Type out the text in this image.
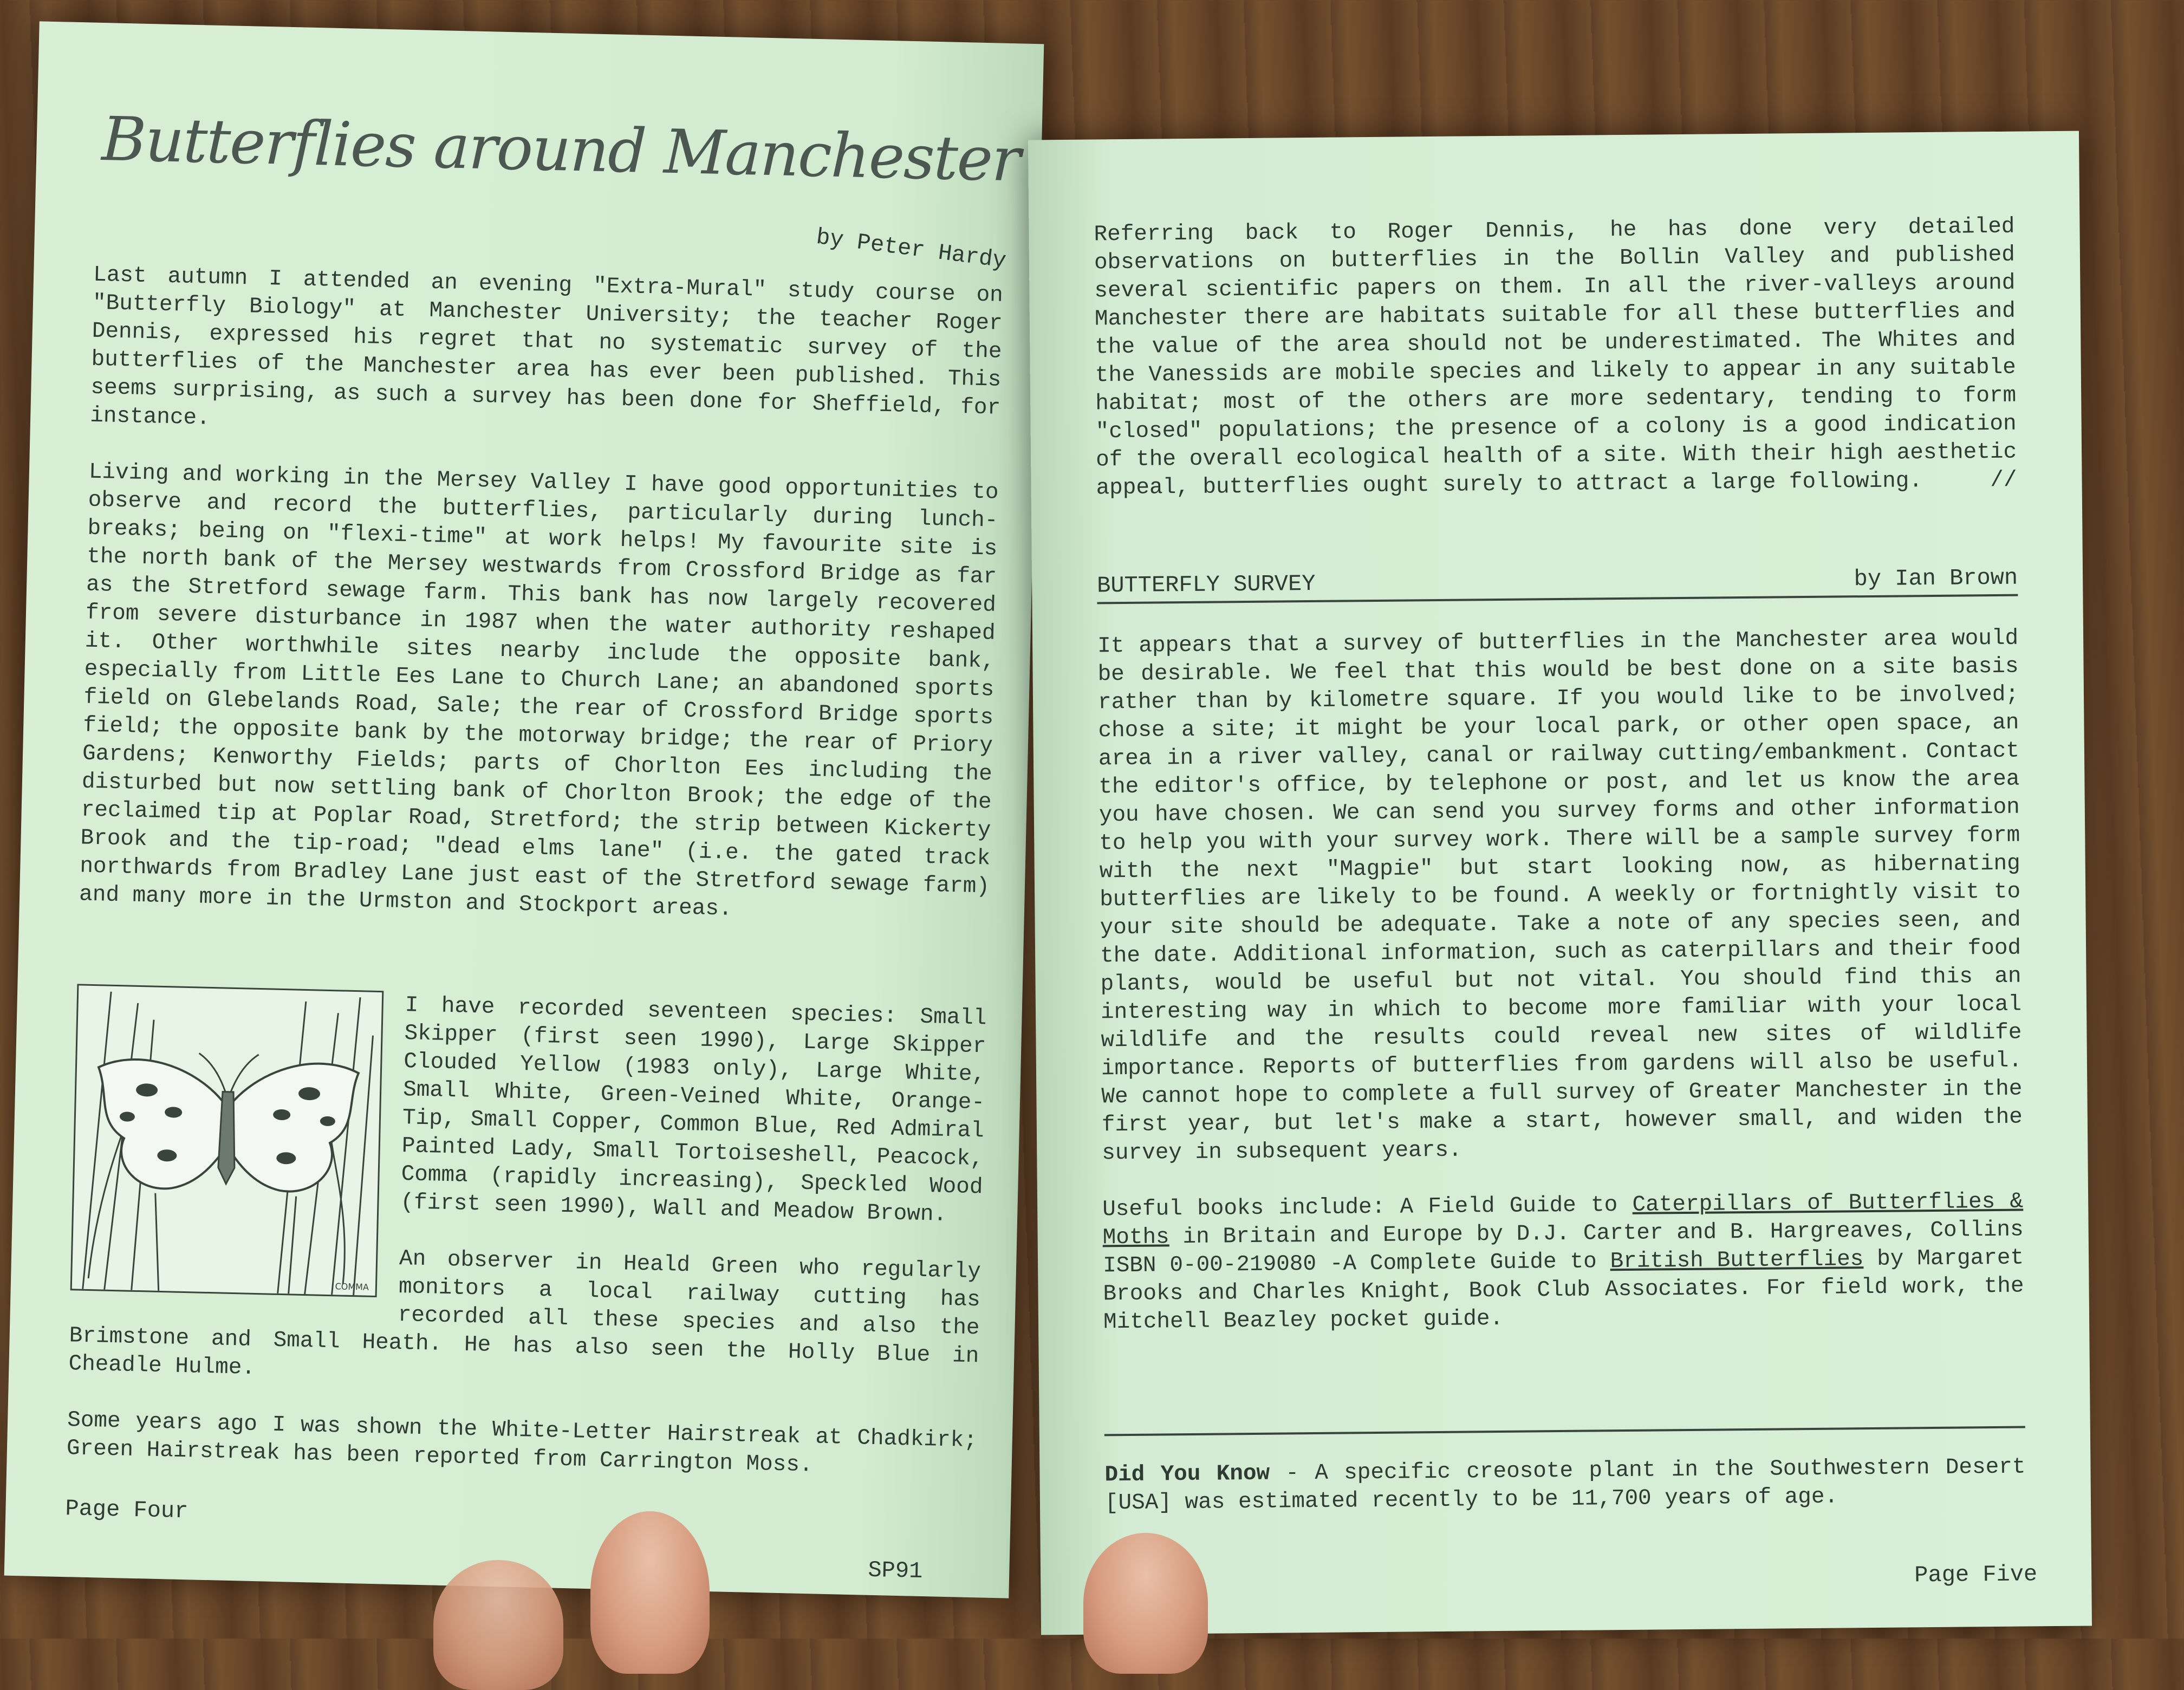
Butterflies around Manchester
by Peter Hardy

Last autumn I attended an evening "Extra-Mural" study course on "Butterfly Biology" at Manchester University; the teacher Roger Dennis, expressed his regret that no systematic survey of the butterflies of the Manchester area has ever been published. This seems surprising, as such a survey has been done for Sheffield, for instance.

Living and working in the Mersey Valley I have good opportunities to observe and record the butterflies, particularly during lunch-breaks; being on "flexi-time" at work helps! My favourite site is the north bank of the Mersey westwards from Crossford Bridge as far as the Stretford sewage farm. This bank has now largely recovered from severe disturbance in 1987 when the water authority reshaped it. Other worthwhile sites nearby include the opposite bank, especially from Little Ees Lane to Church Lane; an abandoned sports field on Glebelands Road, Sale; the rear of Crossford Bridge sports field; the opposite bank by the motorway bridge; the rear of Priory Gardens; Kenworthy Fields; parts of Chorlton Ees including the disturbed but now settling bank of Chorlton Brook; the edge of the reclaimed tip at Poplar Road, Stretford; the strip between Kickerty Brook and the tip-road; "dead elms lane" (i.e. the gated track northwards from Bradley Lane just east of the Stretford sewage farm) and many more in the Urmston and Stockport areas.

COMMA

I have recorded seventeen species: Small Skipper (first seen 1990), Large Skipper Clouded Yellow (1983 only), Large White, Small White, Green-Veined White, Orange-Tip, Small Copper, Common Blue, Red Admiral Painted Lady, Small Tortoiseshell, Peacock, Comma (rapidly increasing), Speckled Wood (first seen 1990), Wall and Meadow Brown.

An observer in Heald Green who regularly monitors a local railway cutting has recorded all these species and also the Brimstone and Small Heath. He has also seen the Holly Blue in Cheadle Hulme.

Some years ago I was shown the White-Letter Hairstreak at Chadkirk; Green Hairstreak has been reported from Carrington Moss.

Page Four
SP91
Referring back to Roger Dennis, he has done very detailed observations on butterflies in the Bollin Valley and published several scientific papers on them. In all the river-valleys around Manchester there are habitats suitable for all these butterflies and the value of the area should not be underestimated. The Whites and the Vanessids are mobile species and likely to appear in any suitable habitat; most of the others are more sedentary, tending to form "closed" populations; the presence of a colony is a good indication of the overall ecological health of a site. With their high aesthetic appeal, butterflies ought surely to attract a large following.	//
BUTTERFLY SURVEY	by Ian Brown

It appears that a survey of butterflies in the Manchester area would be desirable. We feel that this would be best done on a site basis rather than by kilometre square. If you would like to be involved; chose a site; it might be your local park, or other open space, an area in a river valley, canal or railway cutting/embankment. Contact the editor's office, by telephone or post, and let us know the area you have chosen. We can send you survey forms and other information to help you with your survey work. There will be a sample survey form with the next "Magpie" but start looking now, as hibernating butterflies are likely to be found. A weekly or fortnightly visit to your site should be adequate. Take a note of any species seen, and the date. Additional information, such as caterpillars and their food plants, would be useful but not vital. You should find this an interesting way in which to become more familiar with your local wildlife and the results could reveal new sites of wildlife importance. Reports of butterflies from gardens will also be useful. We cannot hope to complete a full survey of Greater Manchester in the first year, but let's make a start, however small, and widen the survey in subsequent years.

Useful books include: A Field Guide to Caterpillars of Butterflies & Moths in Britain and Europe by D.J. Carter and B. Hargreaves, Collins ISBN 0-00-219080 -A Complete Guide to British Butterflies by Margaret Brooks and Charles Knight, Book Club Associates. For field work, the Mitchell Beazley pocket guide.

Did You Know - A specific creosote plant in the Southwestern Desert [USA] was estimated recently to be 11,700 years of age.
Page Five
